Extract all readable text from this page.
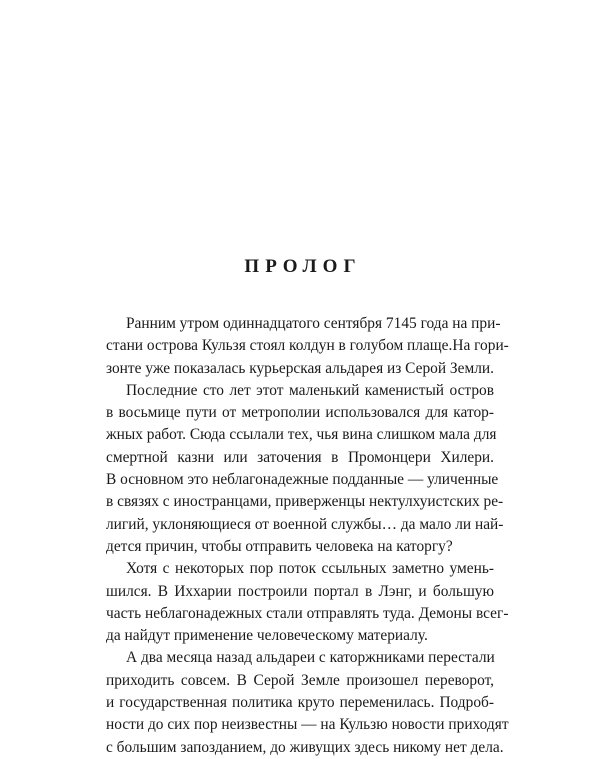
ПРОЛОГ
Ранним утром одиннадцатого сентября 7145 года на при-
стани острова Кульзя стоял колдун в голубом плаще.На гори-
зонте уже показалась курьерская альдарея из Серой Земли.
Последние сто лет этот маленький каменистый остров
в восьмице пути от метрополии использовался для катор-
жных работ. Сюда ссылали тех, чья вина слишком мала для
смертной казни или заточения в Промонцери Хилери.
В основном это неблагонадежные подданные — уличенные
в связях с иностранцами, приверженцы нектулхуистских ре-
лигий, уклоняющиеся от военной службы… да мало ли най-
дется причин, чтобы отправить человека на каторгу?
Хотя с некоторых пор поток ссыльных заметно умень-
шился. В Иххарии построили портал в Лэнг, и большую
часть неблагонадежных стали отправлять туда. Демоны всег-
да найдут применение человеческому материалу.
А два месяца назад альдареи с каторжниками перестали
приходить совсем. В Серой Земле произошел переворот,
и государственная политика круто переменилась. Подроб-
ности до сих пор неизвестны — на Кульзю новости приходят
с большим запозданием, до живущих здесь никому нет дела.
